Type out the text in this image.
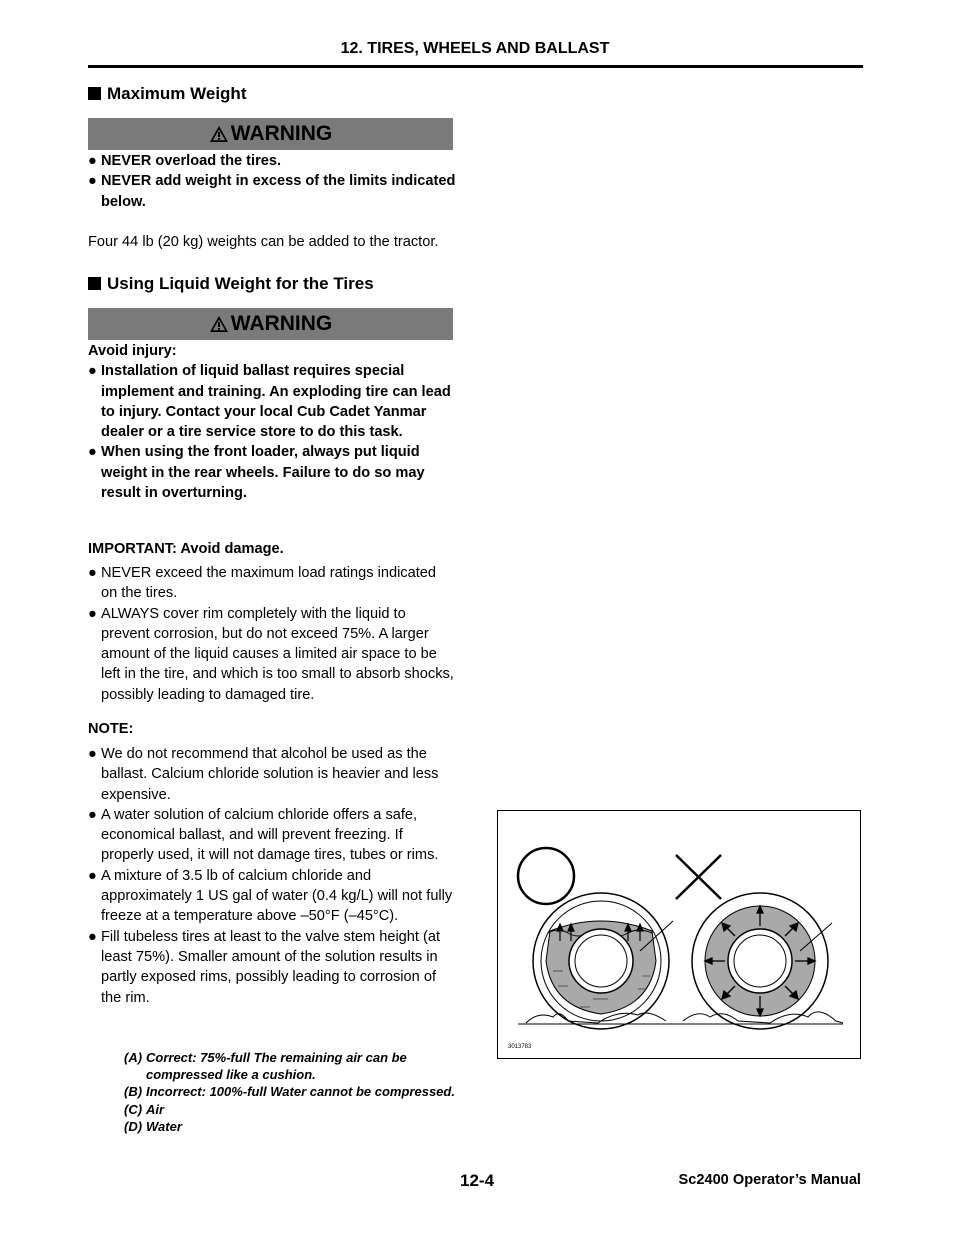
12. TIRES, WHEELS AND BALLAST
Maximum Weight
WARNING
● NEVER overload the tires.
● NEVER add weight in excess of the limits indicated below.
Four 44 lb (20 kg) weights can be added to the tractor.
Using Liquid Weight for the Tires
WARNING
Avoid injury:
● Installation of liquid ballast requires special implement and training. An exploding tire can lead to injury. Contact your local Cub Cadet Yanmar dealer or a tire service store to do this task.
● When using the front loader, always put liquid weight in the rear wheels. Failure to do so may result in overturning.
IMPORTANT: Avoid damage.
● NEVER exceed the maximum load ratings indicated on the tires.
● ALWAYS cover rim completely with the liquid to prevent corrosion, but do not exceed 75%. A larger amount of the liquid causes a limited air space to be left in the tire, and which is too small to absorb shocks, possibly leading to damaged tire.
NOTE:
● We do not recommend that alcohol be used as the ballast. Calcium chloride solution is heavier and less expensive.
● A water solution of calcium chloride offers a safe, economical ballast, and will prevent freezing. If properly used, it will not damage tires, tubes or rims.
● A mixture of 3.5 lb of calcium chloride and approximately 1 US gal of water (0.4 kg/L) will not fully freeze at a temperature above –50°F (–45°C).
● Fill tubeless tires at least to the valve stem height (at least 75%). Smaller amount of the solution results in partly exposed rims, possibly leading to corrosion of the rim.
(A) Correct: 75%-full The remaining air can be compressed like a cushion.
(B) Incorrect: 100%-full Water cannot be compressed.
(C) Air
(D) Water
3013783
12-4	Sc2400 Operator’s Manual
